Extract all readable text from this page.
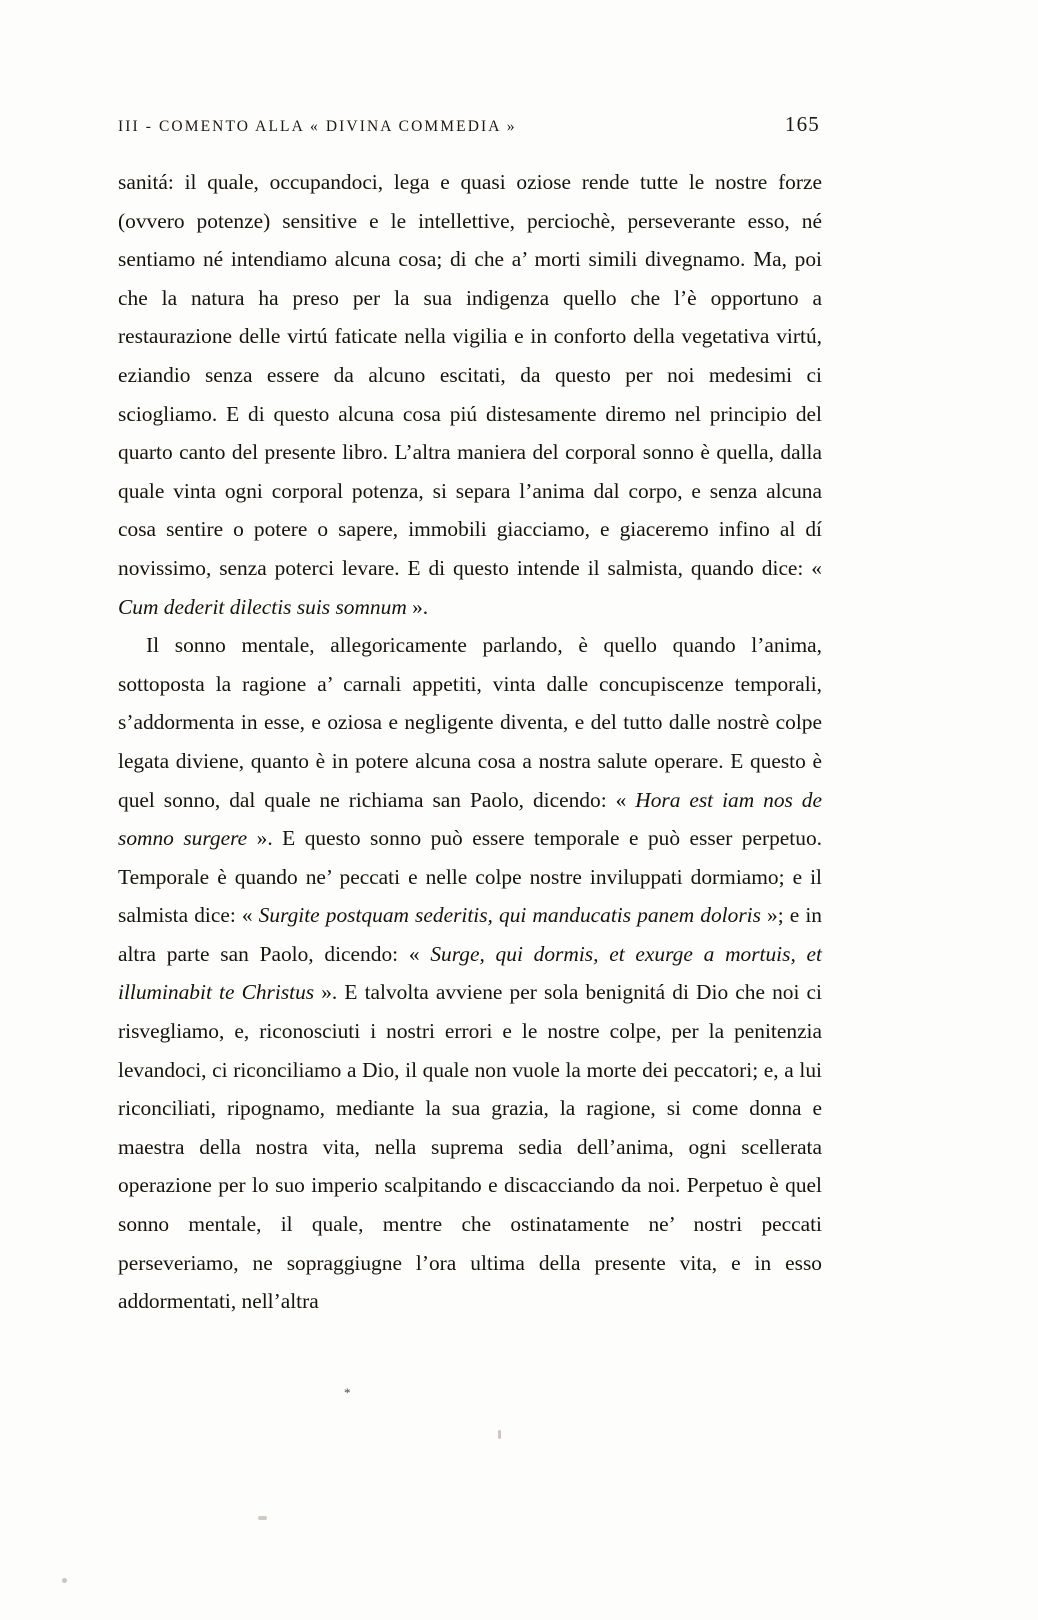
III - COMENTO ALLA « DIVINA COMMEDIA »	165

sanitá: il quale, occupandoci, lega e quasi oziose rende tutte le nostre forze (ovvero potenze) sensitive e le intellettive, perciochè, perseverante esso, né sentiamo né intendiamo alcuna cosa; di che a’ morti simili divegnamo. Ma, poi che la natura ha preso per la sua indigenza quello che l’è opportuno a restaurazione delle virtú faticate nella vigilia e in conforto della vegetativa virtú, eziandio senza essere da alcuno escitati, da questo per noi medesimi ci sciogliamo. E di questo alcuna cosa piú distesamente diremo nel principio del quarto canto del presente libro. L’altra maniera del corporal sonno è quella, dalla quale vinta ogni corporal potenza, si separa l’anima dal corpo, e senza alcuna cosa sentire o potere o sapere, immobili giacciamo, e giaceremo infino al dí novissimo, senza poterci levare. E di questo intende il salmista, quando dice: « Cum dederit dilectis suis somnum ».

Il sonno mentale, allegoricamente parlando, è quello quando l’anima, sottoposta la ragione a’ carnali appetiti, vinta dalle concupiscenze temporali, s’addormenta in esse, e oziosa e negligente diventa, e del tutto dalle nostrè colpe legata diviene, quanto è in potere alcuna cosa a nostra salute operare. E questo è quel sonno, dal quale ne richiama san Paolo, dicendo: « Hora est iam nos de somno surgere ». E questo sonno può essere temporale e può esser perpetuo. Temporale è quando ne’ peccati e nelle colpe nostre inviluppati dormiamo; e il salmista dice: « Surgite postquam sederitis, qui manducatis panem doloris »; e in altra parte san Paolo, dicendo: « Surge, qui dormis, et exurge a mortuis, et illuminabit te Christus ». E talvolta avviene per sola benignitá di Dio che noi ci risvegliamo, e, riconosciuti i nostri errori e le nostre colpe, per la penitenzia levandoci, ci riconciliamo a Dio, il quale non vuole la morte dei peccatori; e, a lui riconciliati, ripognamo, mediante la sua grazia, la ragione, si come donna e maestra della nostra vita, nella suprema sedia dell’anima, ogni scellerata operazione per lo suo imperio scalpitando e discacciando da noi. Perpetuo è quel sonno mentale, il quale, mentre che ostinatamente ne’ nostri peccati perseveriamo, ne sopraggiugne l’ora ultima della presente vita, e in esso addormentati, nell’altra

*
